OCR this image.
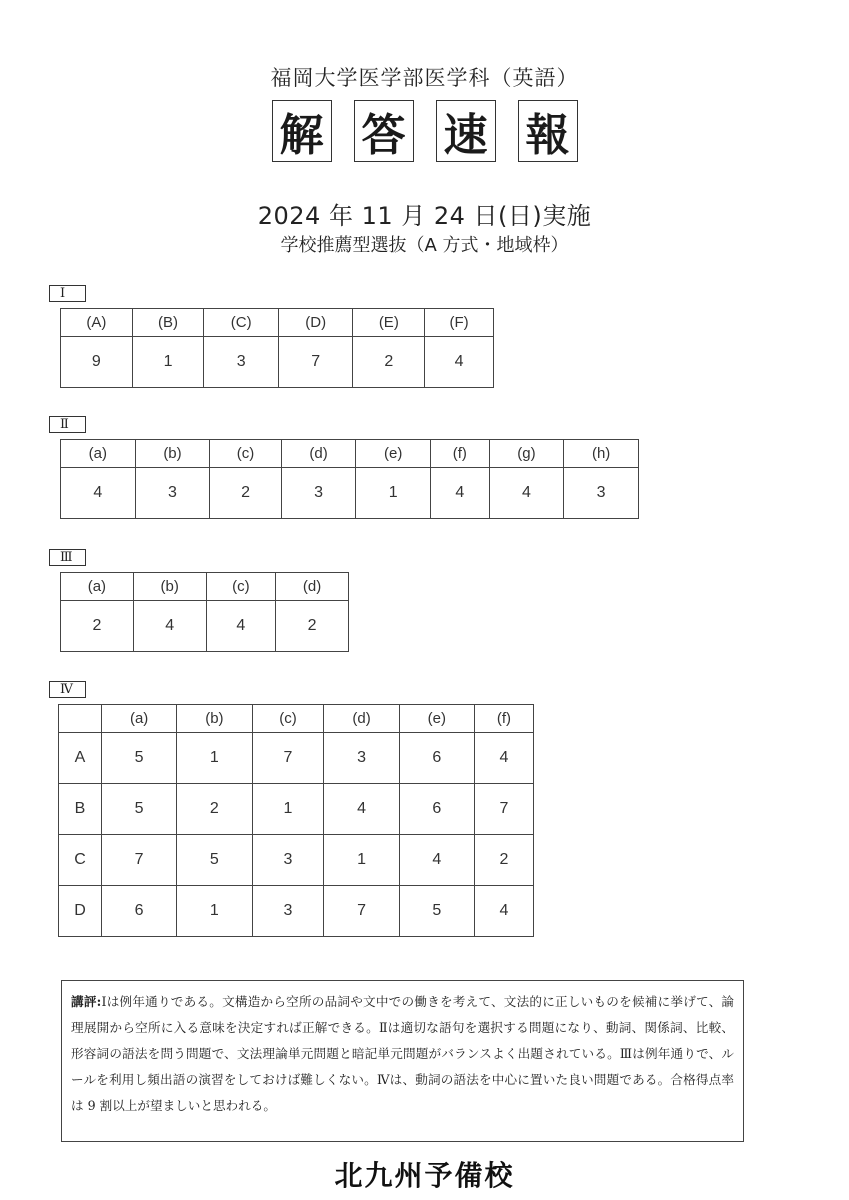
福岡大学医学部医学科（英語）
解 答 速 報
2024 年 11 月 24 日(日)実施
学校推薦型選抜（A 方式・地域枠）
Ⅰ
(A)	(B)	(C)	(D)	(E)	(F)
9	1	3	7	2	4
Ⅱ
(a)	(b)	(c)	(d)	(e)	(f)	(g)	(h)
4	3	2	3	1	4	4	3
Ⅲ
(a)	(b)	(c)	(d)
2	4	4	2
Ⅳ
	(a)	(b)	(c)	(d)	(e)	(f)
A	5	1	7	3	6	4
B	5	2	1	4	6	7
C	7	5	3	1	4	2
D	6	1	3	7	5	4
講評:Ⅰは例年通りである。文構造から空所の品詞や文中での働きを考えて、文法的に正しいものを候補に挙げて、論理展開から空所に入る意味を決定すれば正解できる。Ⅱは適切な語句を選択する問題になり、動詞、関係詞、比較、形容詞の語法を問う問題で、文法理論単元問題と暗記単元問題がバランスよく出題されている。Ⅲは例年通りで、ルールを利用し頻出語の演習をしておけば難しくない。Ⅳは、動詞の語法を中心に置いた良い問題である。合格得点率は 9 割以上が望ましいと思われる。
北九州予備校
